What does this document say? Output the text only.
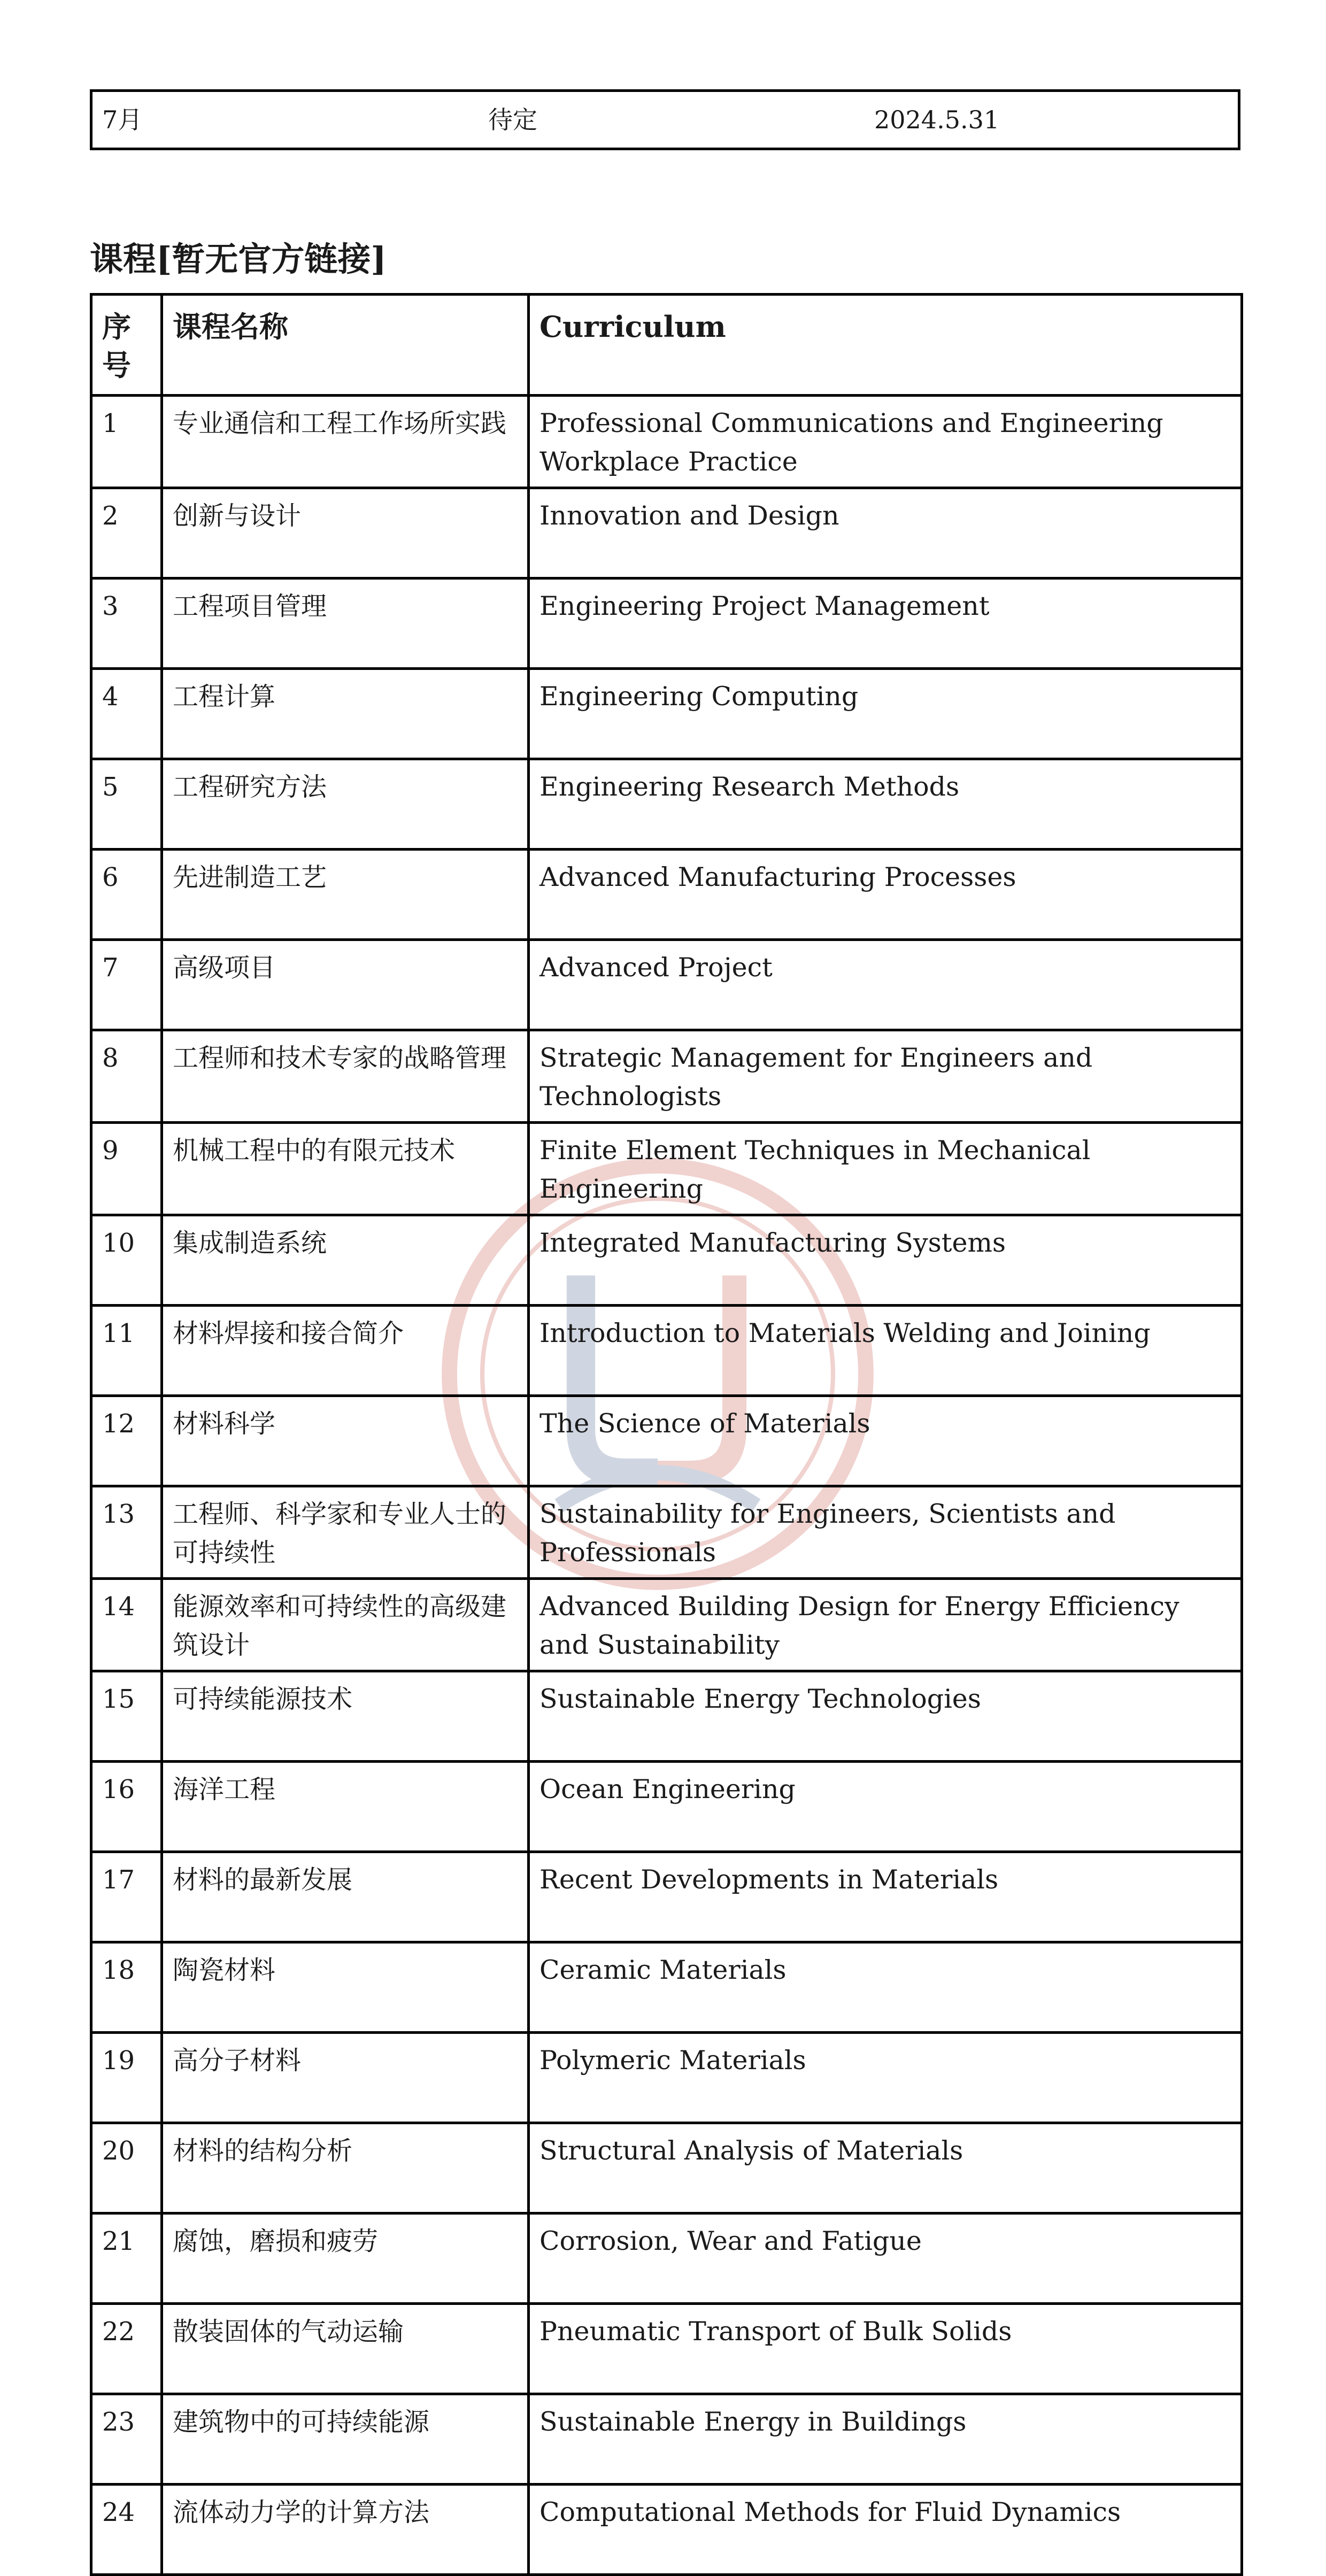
7月	待定	2024.5.31
课程[暂无官方链接]
序号	课程名称	Curriculum
1	专业通信和工程工作场所实践	Professional Communications and Engineering Workplace Practice
2	创新与设计	Innovation and Design
3	工程项目管理	Engineering Project Management
4	工程计算	Engineering Computing
5	工程研究方法	Engineering Research Methods
6	先进制造工艺	Advanced Manufacturing Processes
7	高级项目	Advanced Project
8	工程师和技术专家的战略管理	Strategic Management for Engineers and Technologists
9	机械工程中的有限元技术	Finite Element Techniques in Mechanical Engineering
10	集成制造系统	Integrated Manufacturing Systems
11	材料焊接和接合简介	Introduction to Materials Welding and Joining
12	材料科学	The Science of Materials
13	工程师、科学家和专业人士的可持续性	Sustainability for Engineers, Scientists and Professionals
14	能源效率和可持续性的高级建筑设计	Advanced Building Design for Energy Efficiency and Sustainability
15	可持续能源技术	Sustainable Energy Technologies
16	海洋工程	Ocean Engineering
17	材料的最新发展	Recent Developments in Materials
18	陶瓷材料	Ceramic Materials
19	高分子材料	Polymeric Materials
20	材料的结构分析	Structural Analysis of Materials
21	腐蚀，磨损和疲劳	Corrosion, Wear and Fatigue
22	散装固体的气动运输	Pneumatic Transport of Bulk Solids
23	建筑物中的可持续能源	Sustainable Energy in Buildings
24	流体动力学的计算方法	Computational Methods for Fluid Dynamics
